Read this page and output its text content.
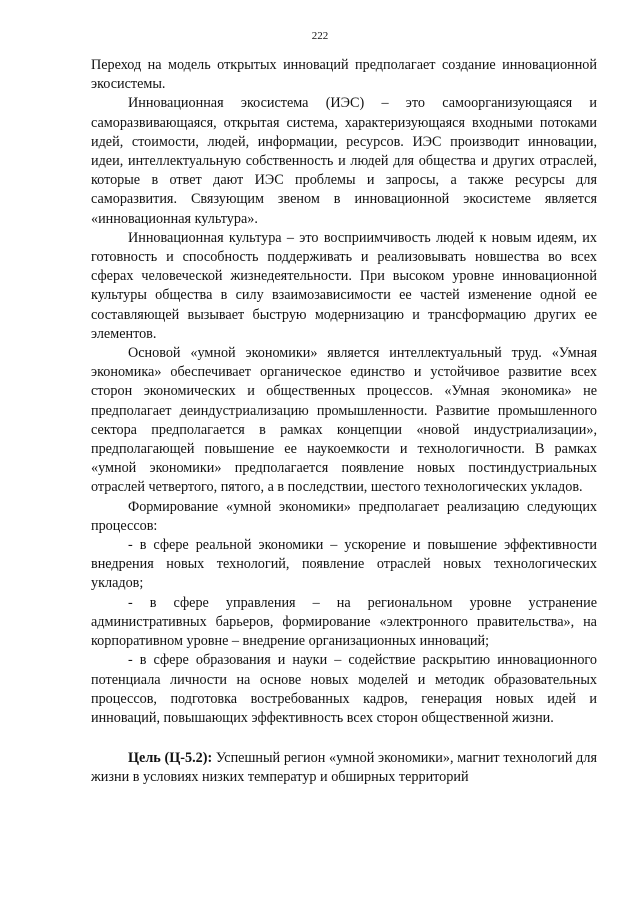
222

Переход на модель открытых инноваций предполагает создание инновационной экосистемы.

Инновационная экосистема (ИЭС) – это самоорганизующаяся и саморазвивающаяся, открытая система, характеризующаяся входными потоками идей, стоимости, людей, информации, ресурсов. ИЭС производит инновации, идеи, интеллектуальную собственность и людей для общества и других отраслей, которые в ответ дают ИЭС проблемы и запросы, а также ресурсы для саморазвития. Связующим звеном в инновационной экосистеме является «инновационная культура».

Инновационная культура – это восприимчивость людей к новым идеям, их готовность и способность поддерживать и реализовывать новшества во всех сферах человеческой жизнедеятельности. При высоком уровне инновационной культуры общества в силу взаимозависимости ее частей изменение одной ее составляющей вызывает быструю модернизацию и трансформацию других ее элементов.

Основой «умной экономики» является интеллектуальный труд. «Умная экономика» обеспечивает органическое единство и устойчивое развитие всех сторон экономических и общественных процессов. «Умная экономика» не предполагает деиндустриализацию промышленности. Развитие промышленного сектора предполагается в рамках концепции «новой индустриализации», предполагающей повышение ее наукоемкости и технологичности. В рамках «умной экономики» предполагается появление новых постиндустриальных отраслей четвертого, пятого, а в последствии, шестого технологических укладов.

Формирование «умной экономики» предполагает реализацию следующих процессов:

- в сфере реальной экономики – ускорение и повышение эффективности внедрения новых технологий, появление отраслей новых технологических укладов;

- в сфере управления – на региональном уровне устранение административных барьеров, формирование «электронного правительства», на корпоративном уровне – внедрение организационных инноваций;

- в сфере образования и науки – содействие раскрытию инновационного потенциала личности на основе новых моделей и методик образовательных процессов, подготовка востребованных кадров, генерация новых идей и инноваций, повышающих эффективность всех сторон общественной жизни.

Цель (Ц-5.2): Успешный регион «умной экономики», магнит технологий для жизни в условиях низких температур и обширных территорий
